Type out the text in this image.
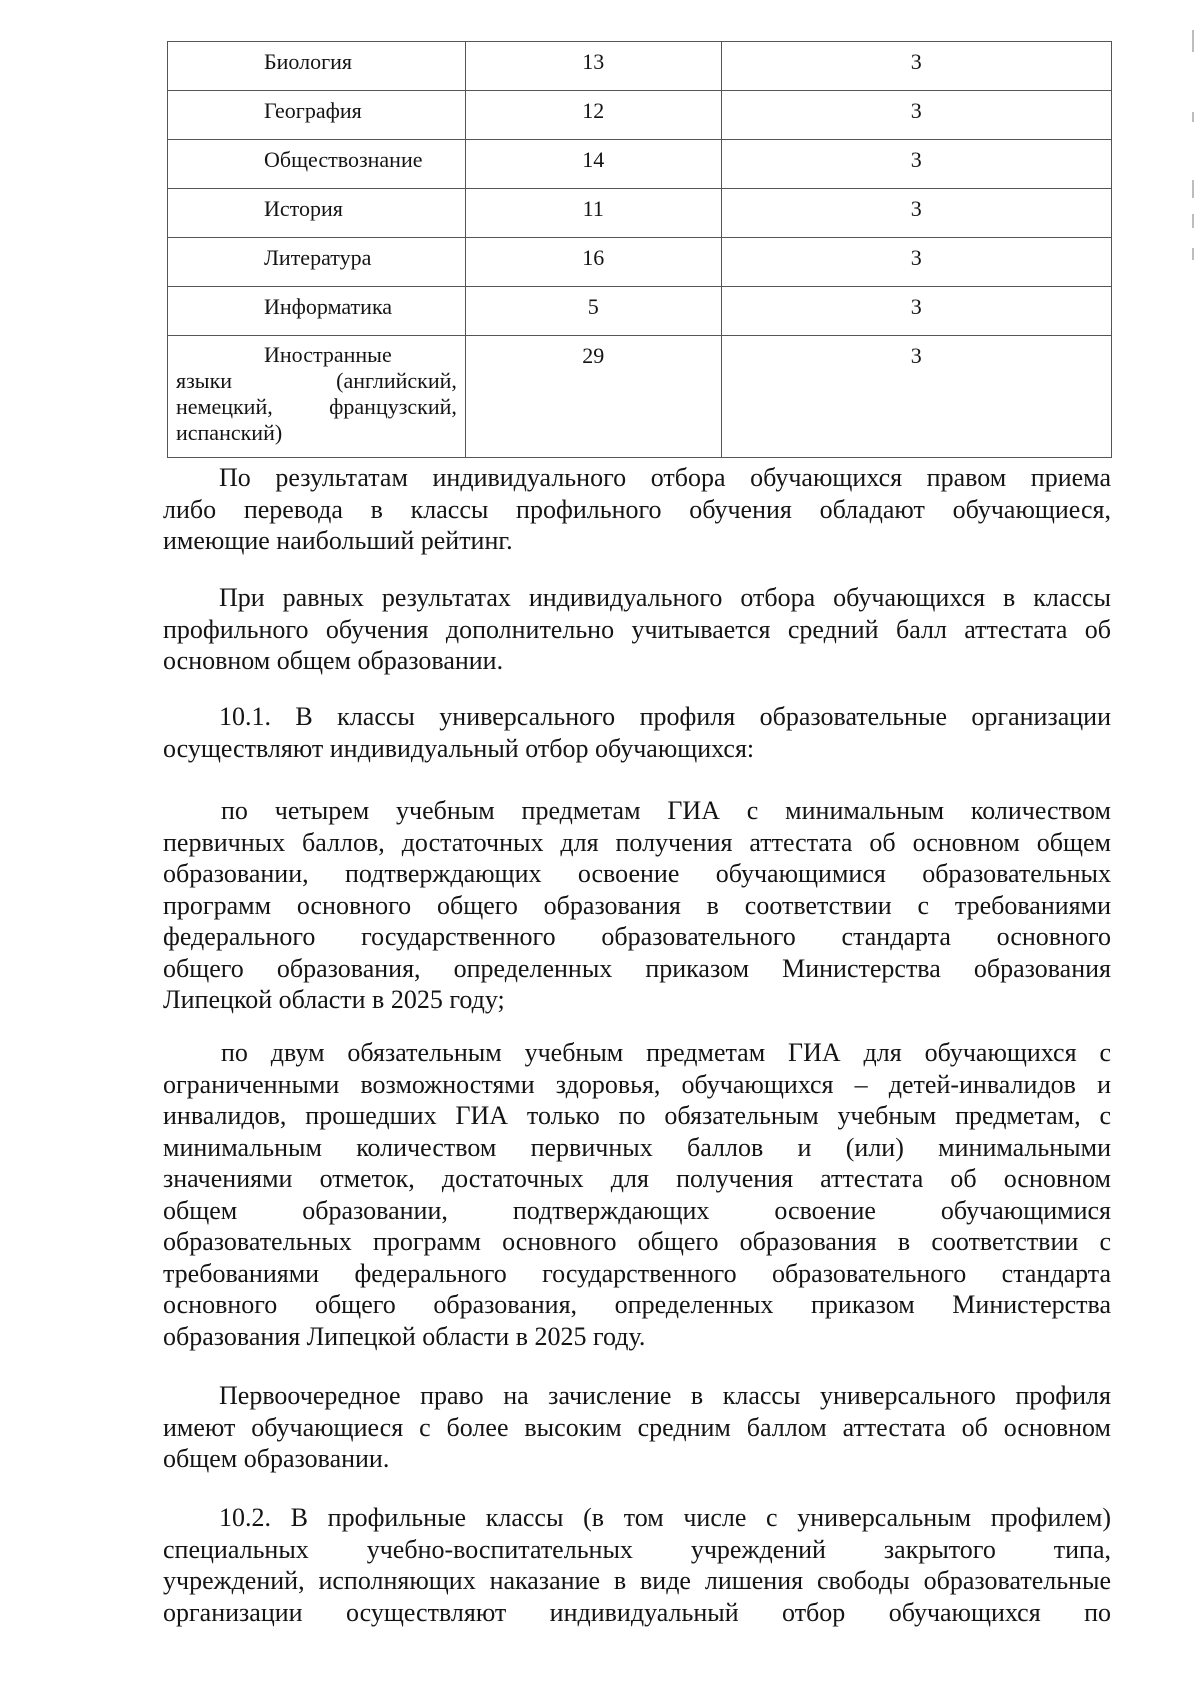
Биология	13	3
География	12	3
Обществознание	14	3
История	11	3
Литература	16	3
Информатика	5	3

Иностранные
языки (английский,
немецкий, французский,
испанский)	29	3

По результатам индивидуального отбора обучающихся правом приема
либо перевода в классы профильного обучения обладают обучающиеся,
имеющие наибольший рейтинг.

При равных результатах индивидуального отбора обучающихся в классы
профильного обучения дополнительно учитывается средний балл аттестата об
основном общем образовании.

10.1. В классы универсального профиля образовательные организации
осуществляют индивидуальный отбор обучающихся:

по четырем учебным предметам ГИА с минимальным количеством
первичных баллов, достаточных для получения аттестата об основном общем
образовании, подтверждающих освоение обучающимися образовательных
программ основного общего образования в соответствии с требованиями
федерального государственного образовательного стандарта основного
общего образования, определенных приказом Министерства образования
Липецкой области в 2025 году;

по двум обязательным учебным предметам ГИА для обучающихся с
ограниченными возможностями здоровья, обучающихся – детей-инвалидов и
инвалидов, прошедших ГИА только по обязательным учебным предметам, с
минимальным количеством первичных баллов и (или) минимальными
значениями отметок, достаточных для получения аттестата об основном
общем образовании, подтверждающих освоение обучающимися
образовательных программ основного общего образования в соответствии с
требованиями федерального государственного образовательного стандарта
основного общего образования, определенных приказом Министерства
образования Липецкой области в 2025 году.

Первоочередное право на зачисление в классы универсального профиля
имеют обучающиеся с более высоким средним баллом аттестата об основном
общем образовании.

10.2. В профильные классы (в том числе с универсальным профилем)
специальных учебно-воспитательных учреждений закрытого типа,
учреждений, исполняющих наказание в виде лишения свободы образовательные
организации осуществляют индивидуальный отбор обучающихся по
